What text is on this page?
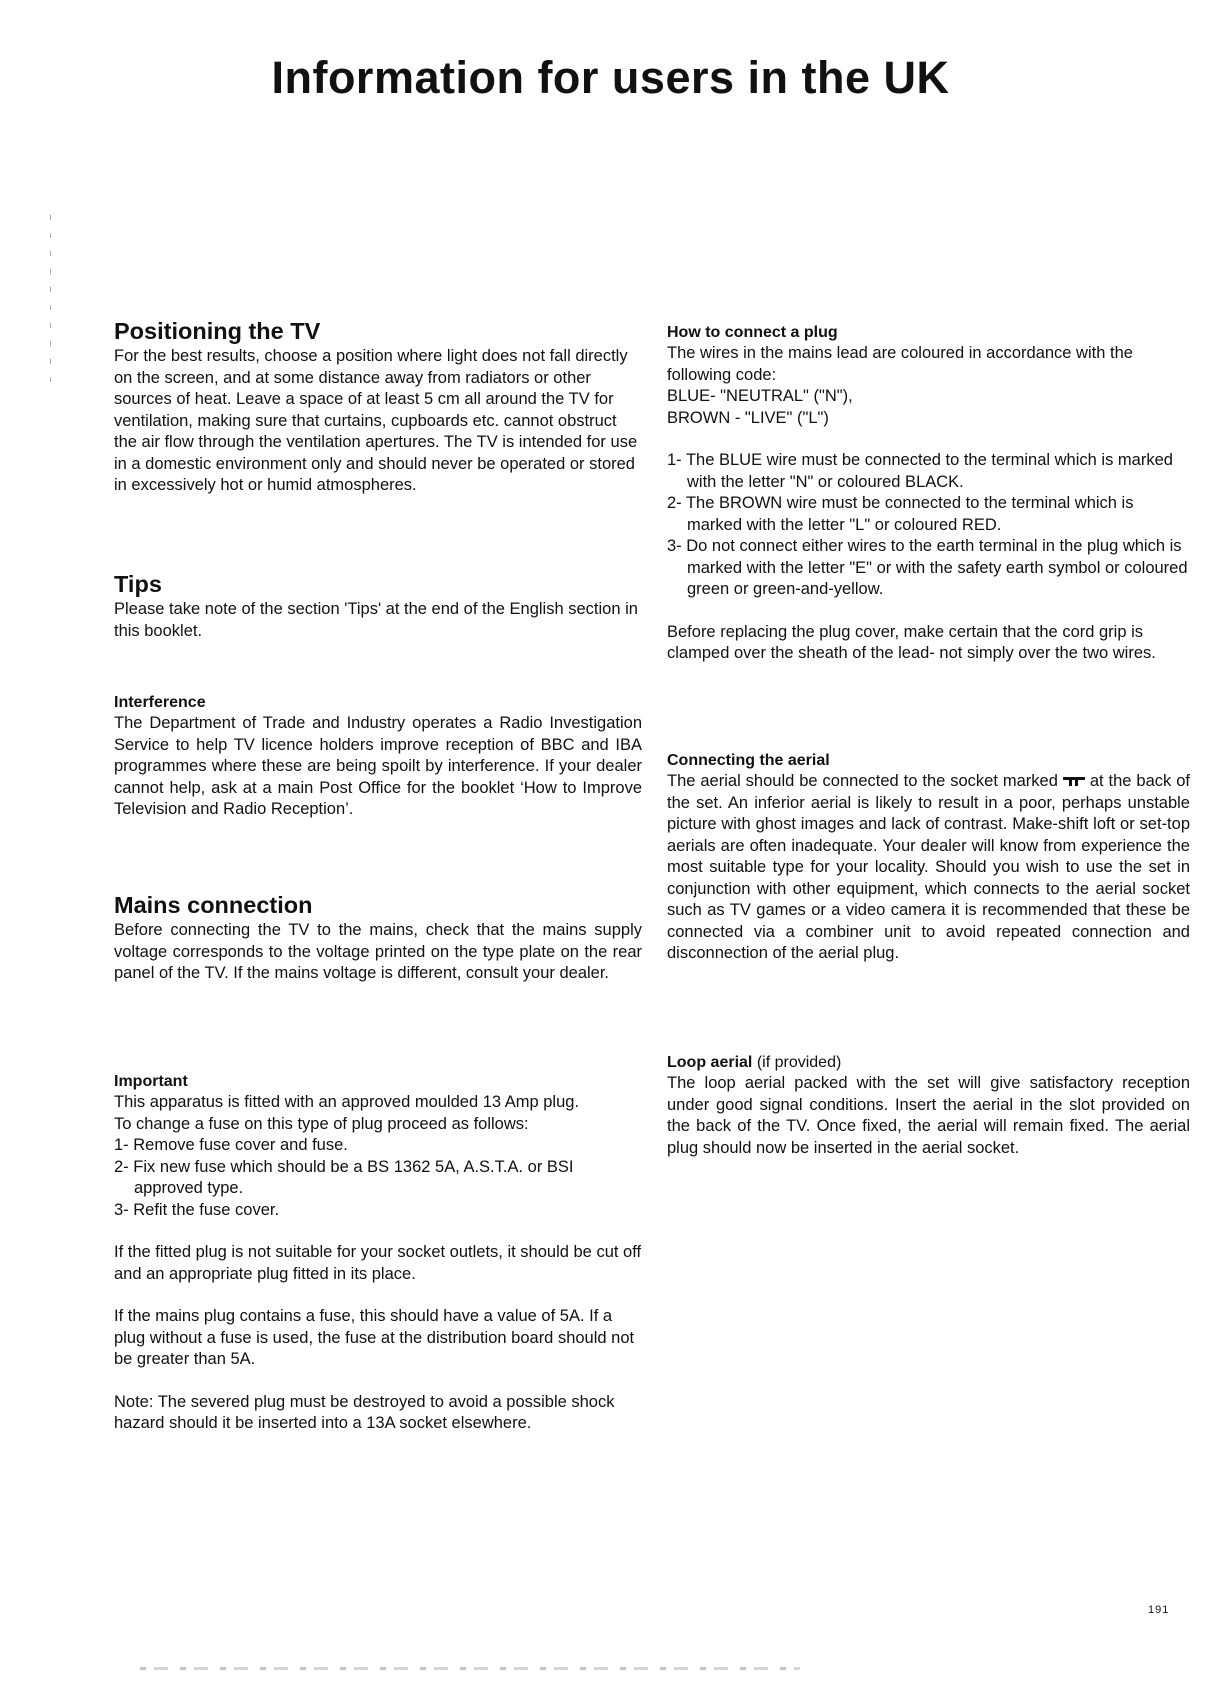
Information for users in the UK
Positioning the TV

For the best results, choose a position where light does not fall directly on the screen, and at some distance away from radiators or other sources of heat. Leave a space of at least 5 cm all around the TV for ventilation, making sure that curtains, cupboards etc. cannot obstruct the air flow through the ventilation apertures. The TV is intended for use in a domestic environment only and should never be operated or stored in excessively hot or humid atmospheres.

Tips

Please take note of the section 'Tips' at the end of the English section in this booklet.

Interference

The Department of Trade and Industry operates a Radio Investigation Service to help TV licence holders improve reception of BBC and IBA programmes where these are being spoilt by interference. If your dealer cannot help, ask at a main Post Office for the booklet ‘How to Improve Television and Radio Reception’.

Mains connection

Before connecting the TV to the mains, check that the mains supply voltage corresponds to the voltage printed on the type plate on the rear panel of the TV. If the mains voltage is different, consult your dealer.

Important

This apparatus is fitted with an approved moulded 13 Amp plug.

To change a fuse on this type of plug proceed as follows:

1- Remove fuse cover and fuse.
2- Fix new fuse which should be a BS 1362 5A, A.S.T.A. or BSI approved type.
3- Refit the fuse cover.

If the fitted plug is not suitable for your socket outlets, it should be cut off and an appropriate plug fitted in its place.

If the mains plug contains a fuse, this should have a value of 5A. If a plug without a fuse is used, the fuse at the distribution board should not be greater than 5A.

Note: The severed plug must be destroyed to avoid a possible shock hazard should it be inserted into a 13A socket elsewhere.

How to connect a plug

The wires in the mains lead are coloured in accordance with the following code:

BLUE- "NEUTRAL" ("N"),

BROWN - "LIVE" ("L")

1- The BLUE wire must be connected to the terminal which is marked with the letter "N" or coloured BLACK.
2- The BROWN wire must be connected to the terminal which is marked with the letter "L" or coloured RED.
3- Do not connect either wires to the earth terminal in the plug which is marked with the letter "E" or with the safety earth symbol or coloured green or green-and-yellow.

Before replacing the plug cover, make certain that the cord grip is clamped over the sheath of the lead- not simply over the two wires.

Connecting the aerial

The aerial should be connected to the socket marked at the back of the set. An inferior aerial is likely to result in a poor, perhaps unstable picture with ghost images and lack of contrast. Make-shift loft or set-top aerials are often inadequate. Your dealer will know from experience the most suitable type for your locality. Should you wish to use the set in conjunction with other equipment, which connects to the aerial socket such as TV games or a video camera it is recommended that these be connected via a combiner unit to avoid repeated connection and disconnection of the aerial plug.

Loop aerial (if provided)

The loop aerial packed with the set will give satisfactory reception under good signal conditions. Insert the aerial in the slot provided on the back of the TV. Once fixed, the aerial will remain fixed. The aerial plug should now be inserted in the aerial socket.

191
